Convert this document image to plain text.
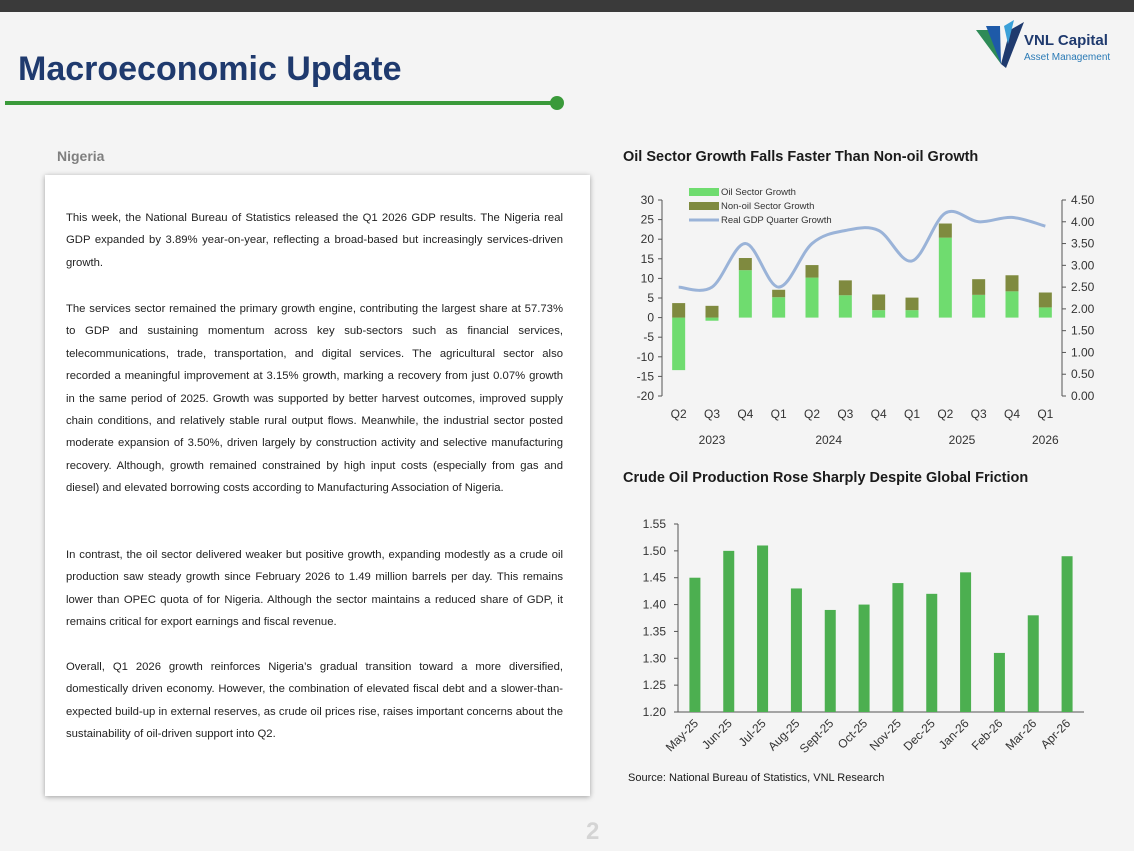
Macroeconomic Update
VNL Capital
Asset Management
Nigeria

This week, the National Bureau of Statistics released the Q1 2026 GDP results. The Nigeria real GDP expanded by 3.89% year-on-year, reflecting a broad-based but increasingly services-driven growth.

The services sector remained the primary growth engine, contributing the largest share at 57.73% to GDP and sustaining momentum across key sub-sectors such as financial services, telecommunications, trade, transportation, and digital services. The agricultural sector also recorded a meaningful improvement at 3.15% growth, marking a recovery from just 0.07% growth in the same period of 2025. Growth was supported by better harvest outcomes, improved supply chain conditions, and relatively stable rural output flows. Meanwhile, the industrial sector posted moderate expansion of 3.50%, driven largely by construction activity and selective manufacturing recovery. Although, growth remained constrained by high input costs (especially from gas and diesel) and elevated borrowing costs according to Manufacturing Association of Nigeria.

In contrast, the oil sector delivered weaker but positive growth, expanding modestly as a crude oil production saw steady growth since February 2026 to 1.49 million barrels per day. This remains lower than OPEC quota of for Nigeria. Although the sector maintains a reduced share of GDP, it remains critical for export earnings and fiscal revenue.

Overall, Q1 2026 growth reinforces Nigeria’s gradual transition toward a more diversified, domestically driven economy. However, the combination of elevated fiscal debt and a slower-than-expected build-up in external reserves, as crude oil prices rise, raises important concerns about the sustainability of oil-driven support into Q2.

Oil Sector Growth Falls Faster Than Non-oil Growth
30
25
20
15
10
5
0
-5
-10
-15
-20
4.50
4.00
3.50
3.00
2.50
2.00
1.50
1.00
0.50
0.00
Q2 Q3 Q4 Q1 Q2 Q3 Q4 Q1 Q2 Q3 Q4 Q1
2023	2024	2025	2026
Oil Sector Growth
Non-oil Sector Growth
Real GDP Quarter Growth
Crude Oil Production Rose Sharply Despite Global Friction
1.55
1.50
1.45
1.40
1.35
1.30
1.25
1.20
May-25
Jun-25 Jul-25
Aug-25
Sept-25
Oct-25
Nov-25
Dec-25
Jan-26
Feb-26
Mar-26
Apr-26
Source: National Bureau of Statistics, VNL Research
2
